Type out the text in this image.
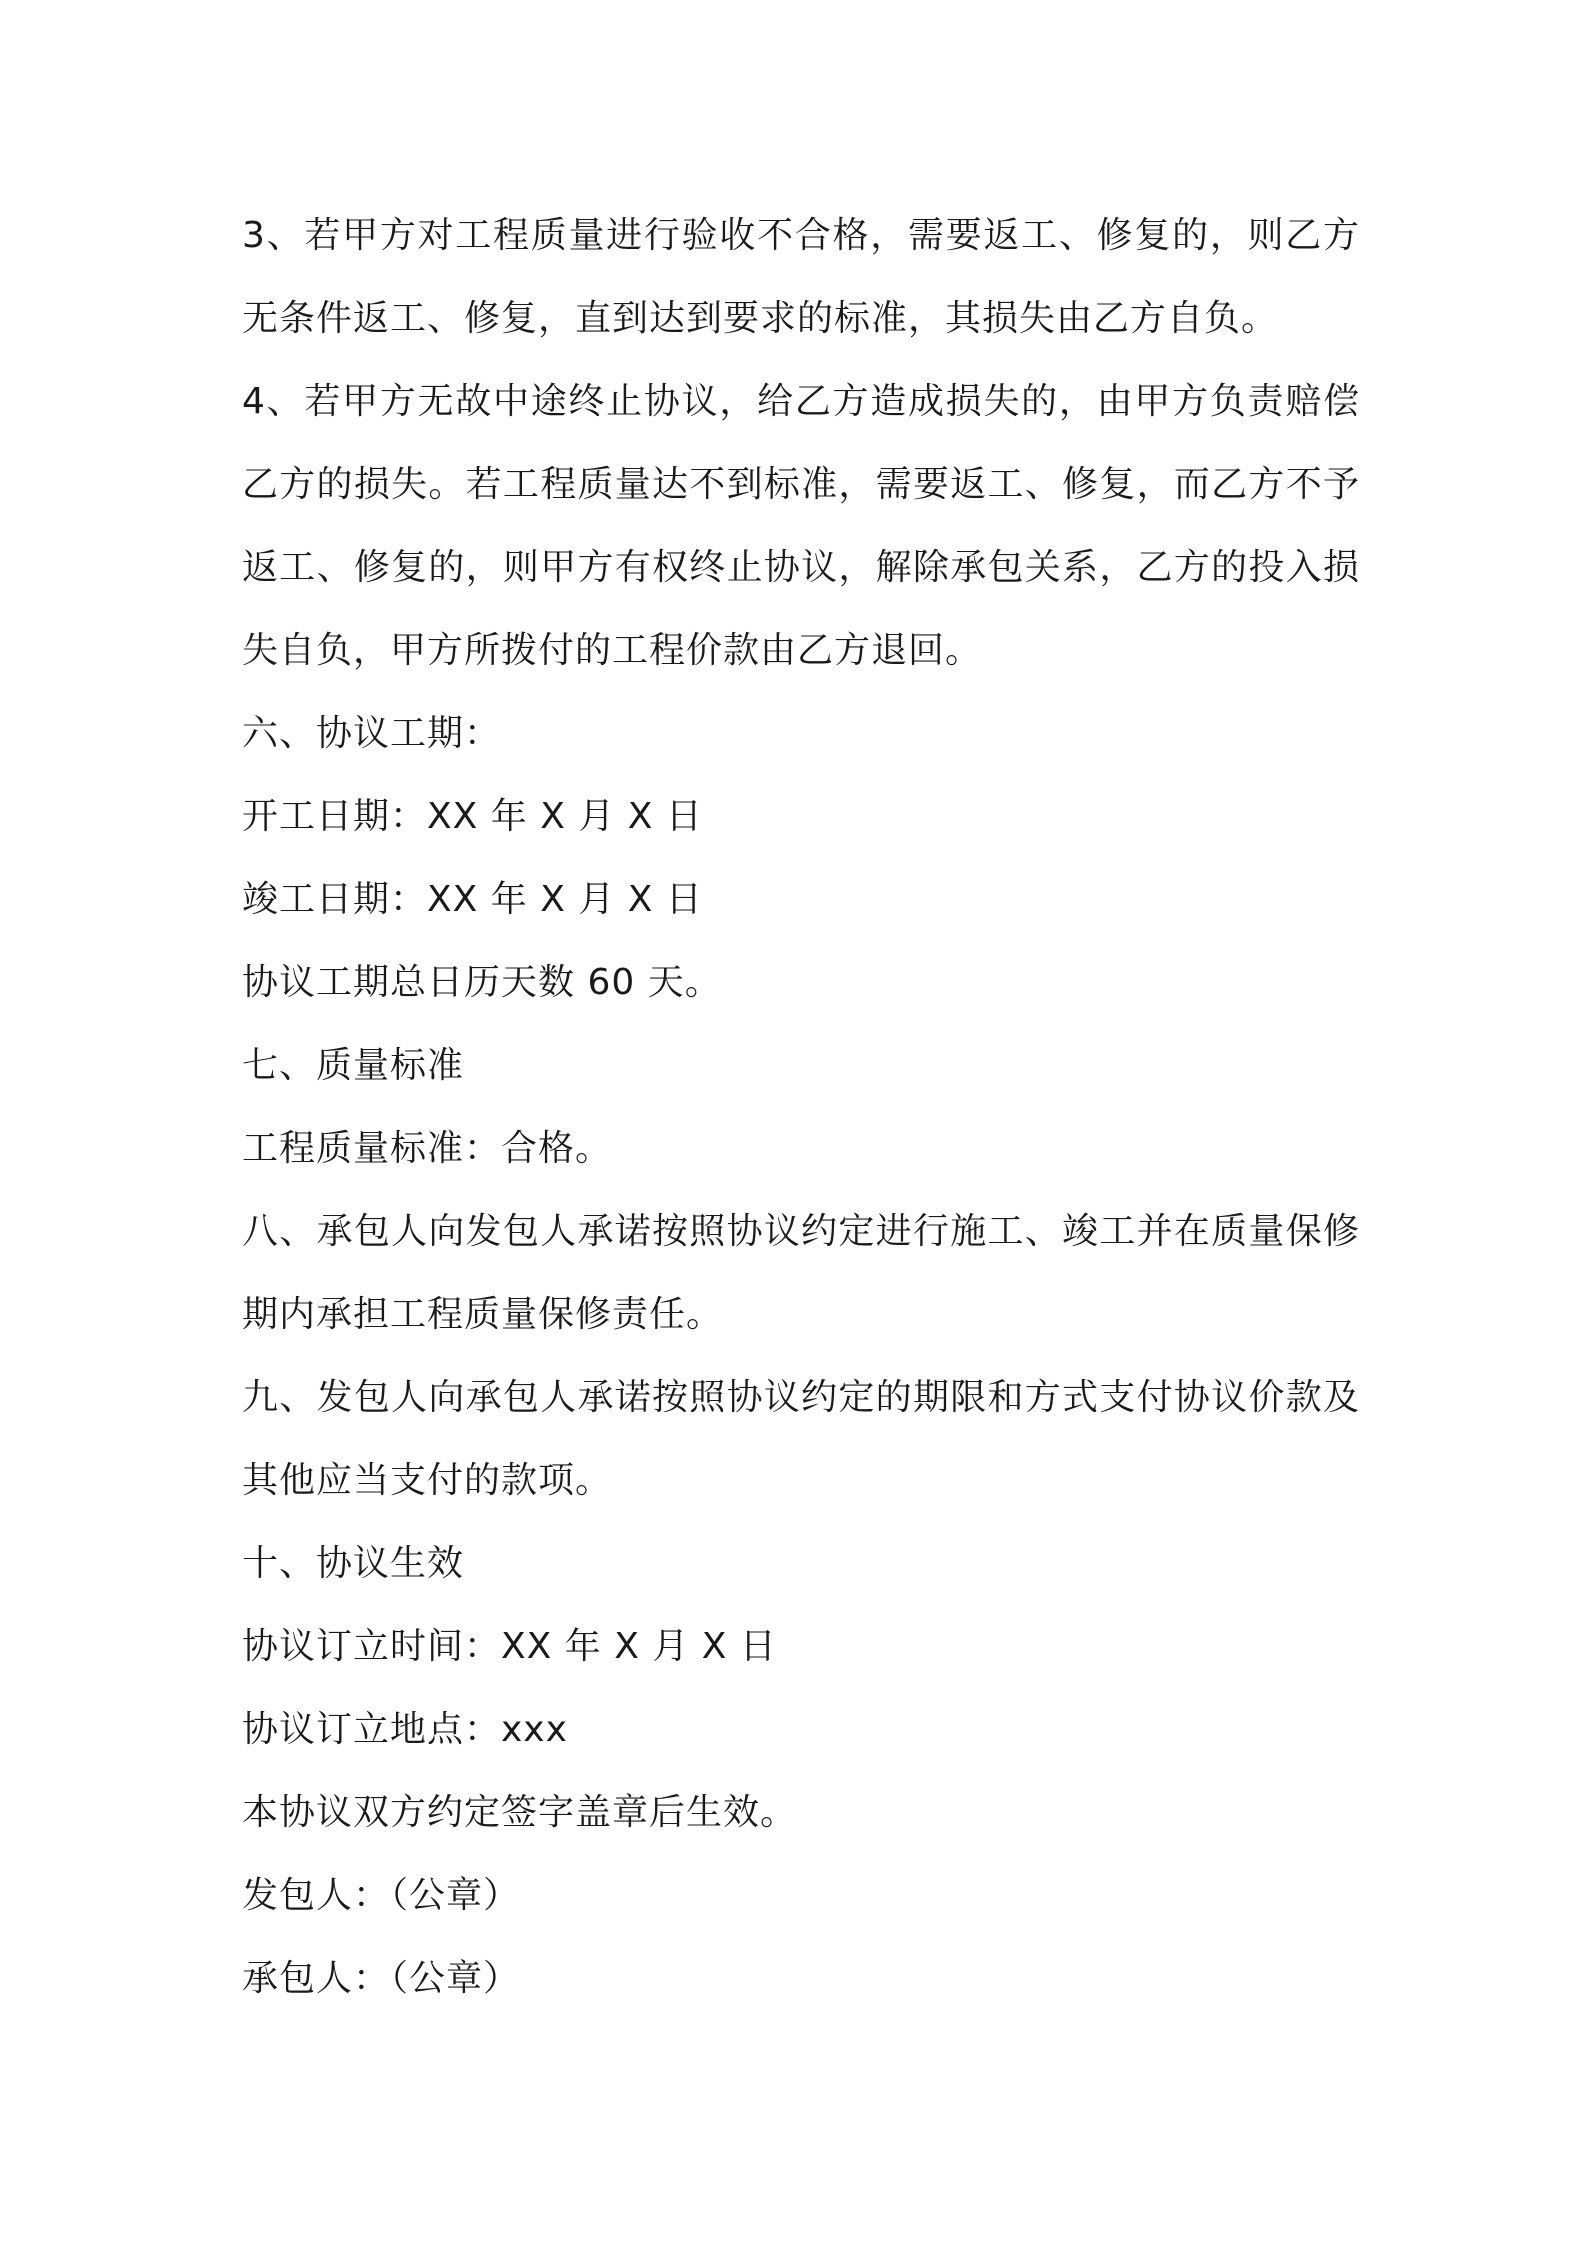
3、若甲方对工程质量进行验收不合格，需要返工、修复的，则乙方
无条件返工、修复，直到达到要求的标准，其损失由乙方自负。
4、若甲方无故中途终止协议，给乙方造成损失的，由甲方负责赔偿
乙方的损失。若工程质量达不到标准，需要返工、修复，而乙方不予
返工、修复的，则甲方有权终止协议，解除承包关系，乙方的投入损
失自负，甲方所拨付的工程价款由乙方退回。
六、协议工期：
开工日期：XX 年 X 月 X 日
竣工日期：XX 年 X 月 X 日
协议工期总日历天数 60 天。
七、质量标准
工程质量标准：合格。
八、承包人向发包人承诺按照协议约定进行施工、竣工并在质量保修
期内承担工程质量保修责任。
九、发包人向承包人承诺按照协议约定的期限和方式支付协议价款及
其他应当支付的款项。
十、协议生效
协议订立时间：XX 年 X 月 X 日
协议订立地点：xxx
本协议双方约定签字盖章后生效。
发包人：（公章）
承包人：（公章）
